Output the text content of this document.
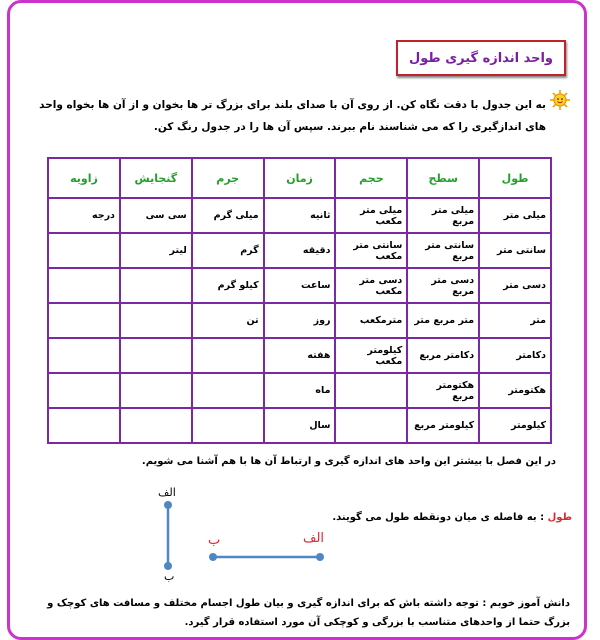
واحد اندازه گیری طول
به این جدول با دقت نگاه کن. از روی آن با صدای بلند برای بزرگ تر ها بخوان و از آن ها بخواه واحد های اندازگیری را که می شناسند نام ببرند. سپس آن ها را در جدول رنگ کن.
طول	سطح	حجم	زمان	جرم	گنجایش	زاویه
میلی متر	میلی متر مربع	میلی متر مکعب	ثانیه	میلی گرم	سی سی	درجه
سانتی متر	سانتی متر مربع	سانتی متر مکعب	دقیقه	گرم	لیتر	
دسی متر	دسی متر مربع	دسی متر مکعب	ساعت	کیلو گرم		
متر	متر مربع متر	مترمکعب	روز	تن		
دکامتر	دکامتر مربع	کیلومتر مکعب	هفته			
هکتومتر	هکتومتر مربع		ماه			
کیلومتر	کیلومتر مربع		سال			
در این فصل با بیشتر این واحد های اندازه گیری و ارتباط آن ها با هم آشنا می شویم.
طول : به فاصله ی میان دونقطه طول می گویند.
الف
ب
ب	الف
دانش آموز خوبم : توجه داشته باش که برای اندازه گیری و بیان طول اجسام مختلف و مسافت های کوچک و بزرگ حتما از واحدهای متناسب با بزرگی و کوچکی آن مورد استفاده قرار گیرد.
